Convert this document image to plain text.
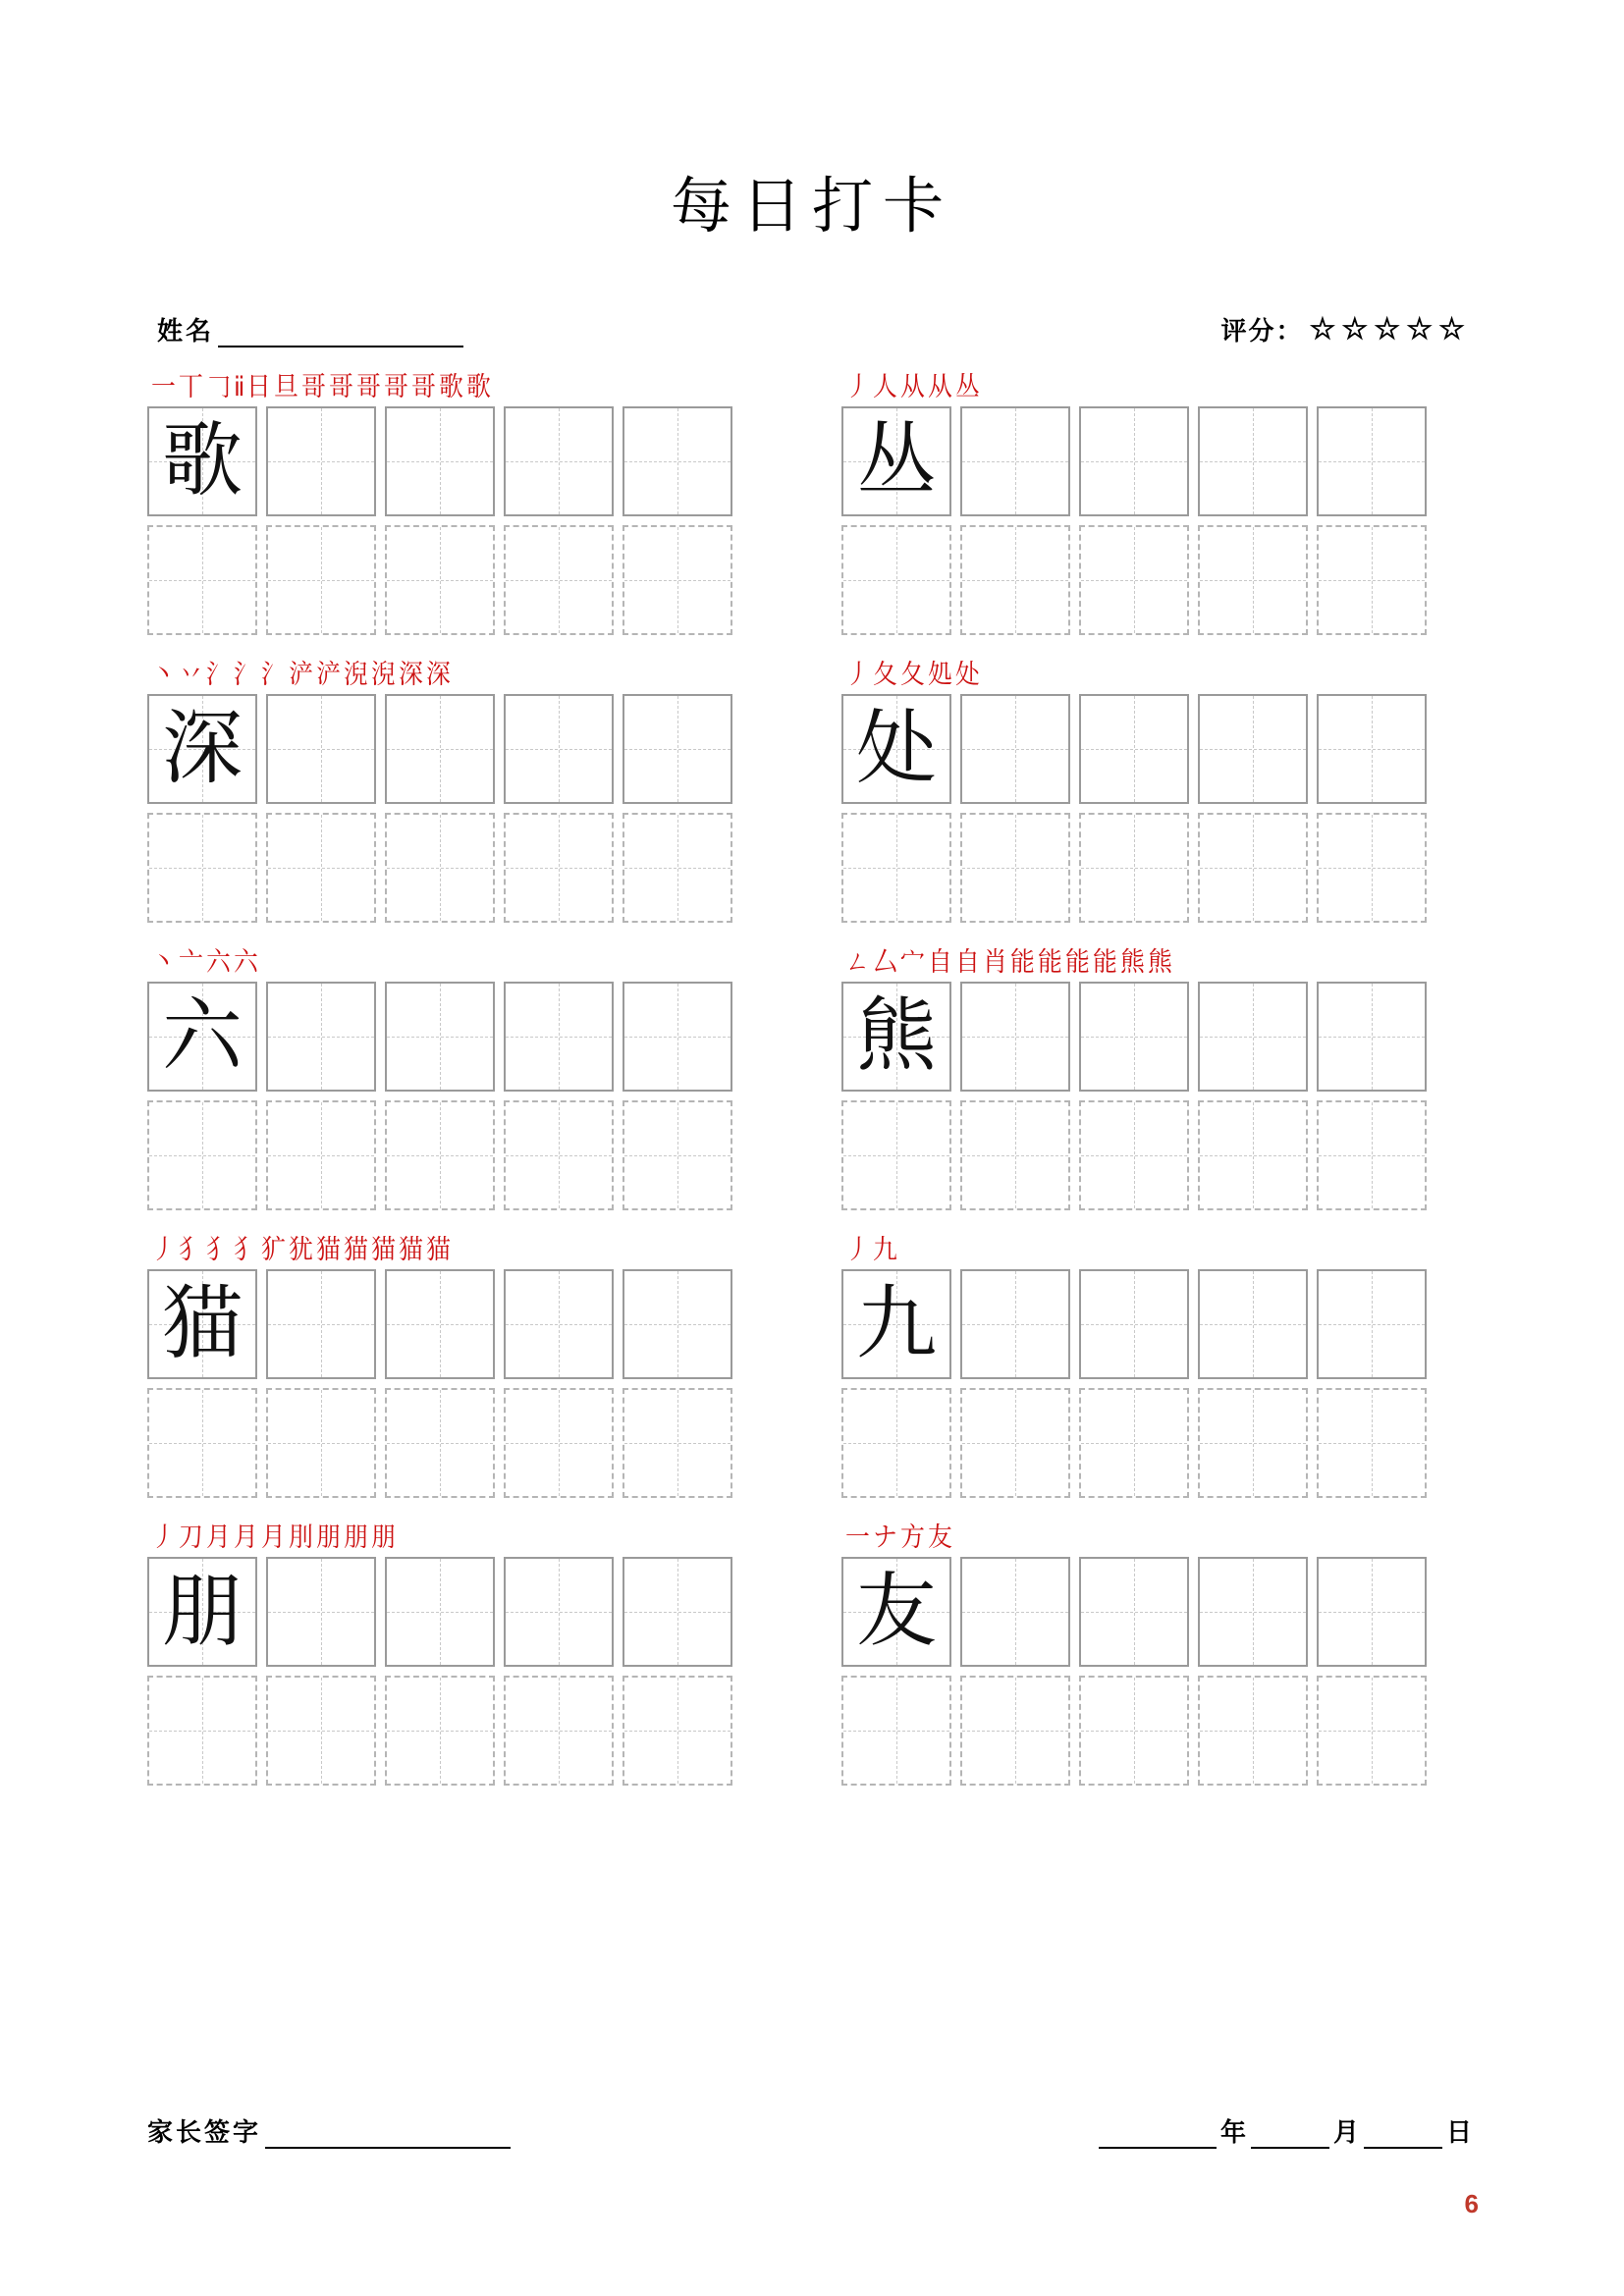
每日打卡
姓名	评分： ☆ ☆ ☆ ☆ ☆
一 丅 𠃌 ⅱ 日 旦 哥 哥 哥 哥 哥 歌 歌
歌
丿 人 从 从 丛
丛
丶 丷 氵 氵 氵 浐 浐 淣 淣 深 深
深
丿 夂 夂 処 处
处
丶 亠 六 六
六
ㄥ 厶 宀 自 自 肖 能 能 能 能 熊 熊
熊
丿 犭 犭 犭 犷 犹 猫 猫 猫 猫 猫
猫
丿 九
九
丿 刀 月 月 月 刖 朋 朋 朋
朋
一 ナ 方 友
友
家长签字	年	月	日
6
